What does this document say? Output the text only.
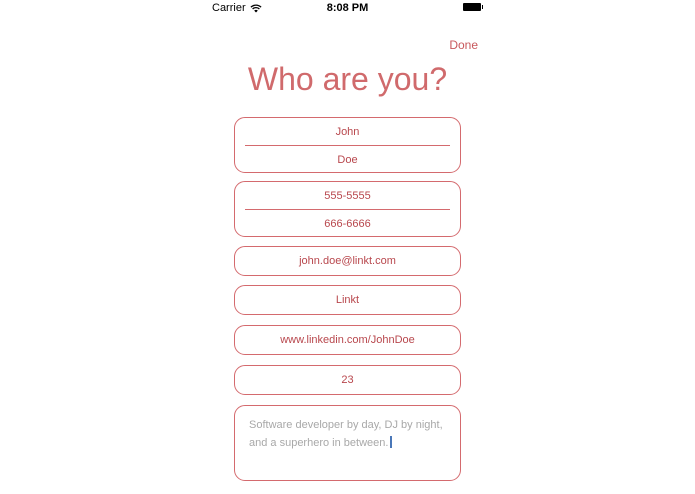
Carrier	8:08 PM
Done
Who are you?
John
Doe
555-5555
666-6666
john.doe@linkt.com
Linkt
www.linkedin.com/JohnDoe
23
Software developer by day, DJ by night,
and a superhero in between.
